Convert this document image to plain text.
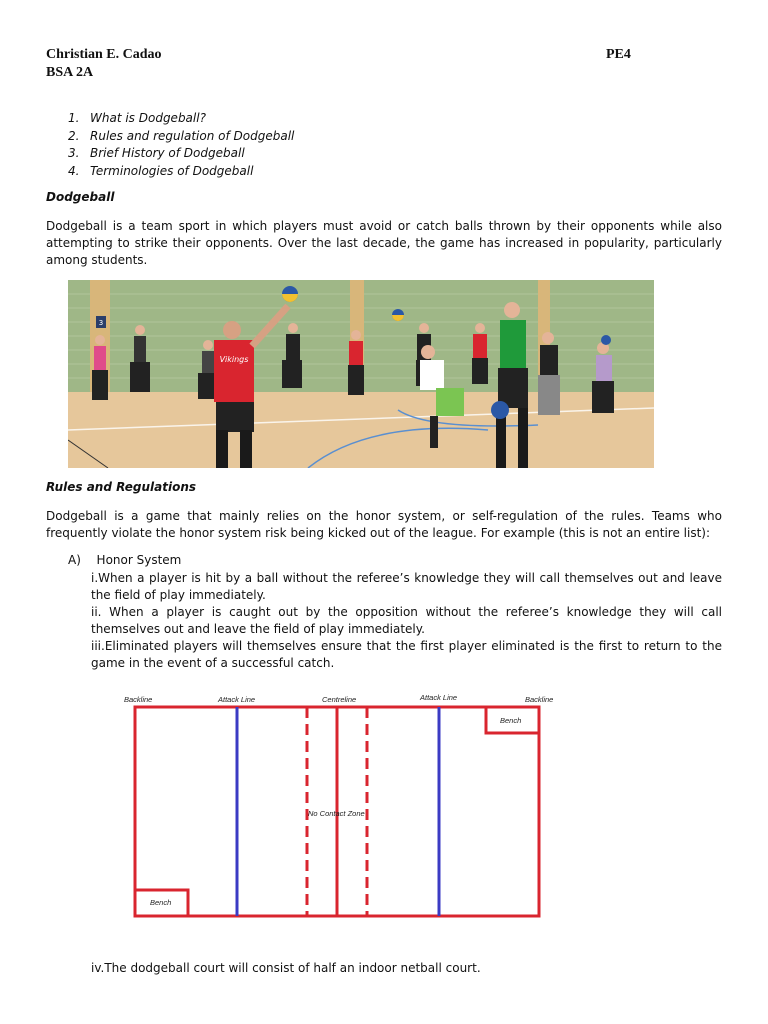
Christian E. Cadao
BSA 2A
PE4
1. What is Dodgeball?
2. Rules and regulation of Dodgeball
3. Brief History of Dodgeball
4. Terminologies of Dodgeball
Dodgeball

Dodgeball is a team sport in which players must avoid or catch balls thrown by their opponents while also attempting to strike their opponents. Over the last decade, the game has increased in popularity, particularly among students.

3
Vikings
Rules and Regulations

Dodgeball is a game that mainly relies on the honor system, or self-regulation of the rules. Teams who frequently violate the honor system risk being kicked out of the league. For example (this is not an entire list):

A) Honor System

i.When a player is hit by a ball without the referee’s knowledge they will call themselves out and leave the field of play immediately.

ii. When a player is caught out by the opposition without the referee’s knowledge they will call themselves out and leave the field of play immediately.

iii.Eliminated players will themselves ensure that the first player eliminated is the first to return to the game in the event of a successful catch.

Backline	Attack Line	Centreline	Attack Line	Backline
Bench
Bench
No Contact Zone

iv.The dodgeball court will consist of half an indoor netball court.
